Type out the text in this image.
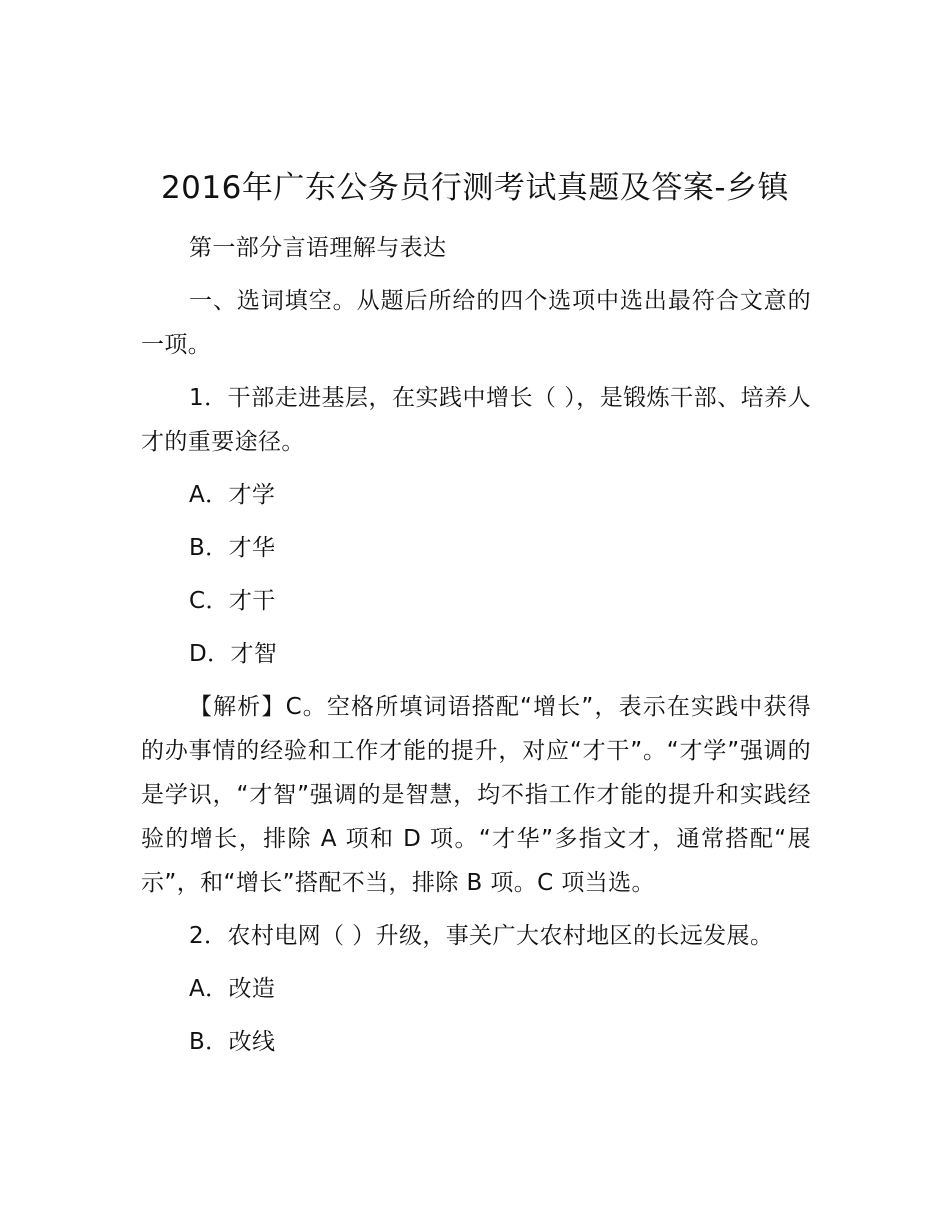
2016年广东公务员行测考试真题及答案-乡镇

第一部分言语理解与表达

一、选词填空。从题后所给的四个选项中选出最符合文意的一项。

1．干部走进基层，在实践中增长（ ），是锻炼干部、培养人才的重要途径。

A．才学

B．才华

C．才干

D．才智

【解析】C。空格所填词语搭配“增长”，表示在实践中获得的办事情的经验和工作才能的提升，对应“才干”。“才学”强调的是学识，“才智”强调的是智慧，均不指工作才能的提升和实践经验的增长，排除 A 项和 D 项。“才华”多指文才，通常搭配“展示”，和“增长”搭配不当，排除 B 项。C 项当选。

2．农村电网（ ）升级，事关广大农村地区的长远发展。

A．改造

B．改线
